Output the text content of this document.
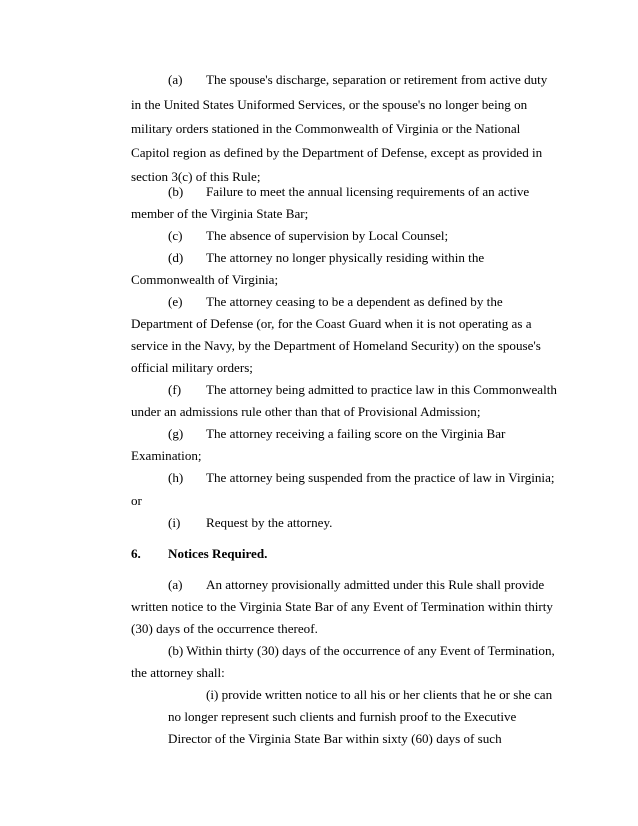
(a) The spouse's discharge, separation or retirement from active duty
in the United States Uniformed Services, or the spouse's no longer being on
military orders stationed in the Commonwealth of Virginia or the National
Capitol region as defined by the Department of Defense, except as provided in
section 3(c) of this Rule;
(b) Failure to meet the annual licensing requirements of an active
member of the Virginia State Bar;
(c) The absence of supervision by Local Counsel;
(d) The attorney no longer physically residing within the
Commonwealth of Virginia;
(e) The attorney ceasing to be a dependent as defined by the
Department of Defense (or, for the Coast Guard when it is not operating as a
service in the Navy, by the Department of Homeland Security) on the spouse's
official military orders;
(f) The attorney being admitted to practice law in this Commonwealth
under an admissions rule other than that of Provisional Admission;
(g) The attorney receiving a failing score on the Virginia Bar
Examination;
(h) The attorney being suspended from the practice of law in Virginia;
or
(i) Request by the attorney.
6. Notices Required.
(a) An attorney provisionally admitted under this Rule shall provide
written notice to the Virginia State Bar of any Event of Termination within thirty
(30) days of the occurrence thereof.
(b) Within thirty (30) days of the occurrence of any Event of Termination,
the attorney shall:
(i) provide written notice to all his or her clients that he or she can
no longer represent such clients and furnish proof to the Executive
Director of the Virginia State Bar within sixty (60) days of such
